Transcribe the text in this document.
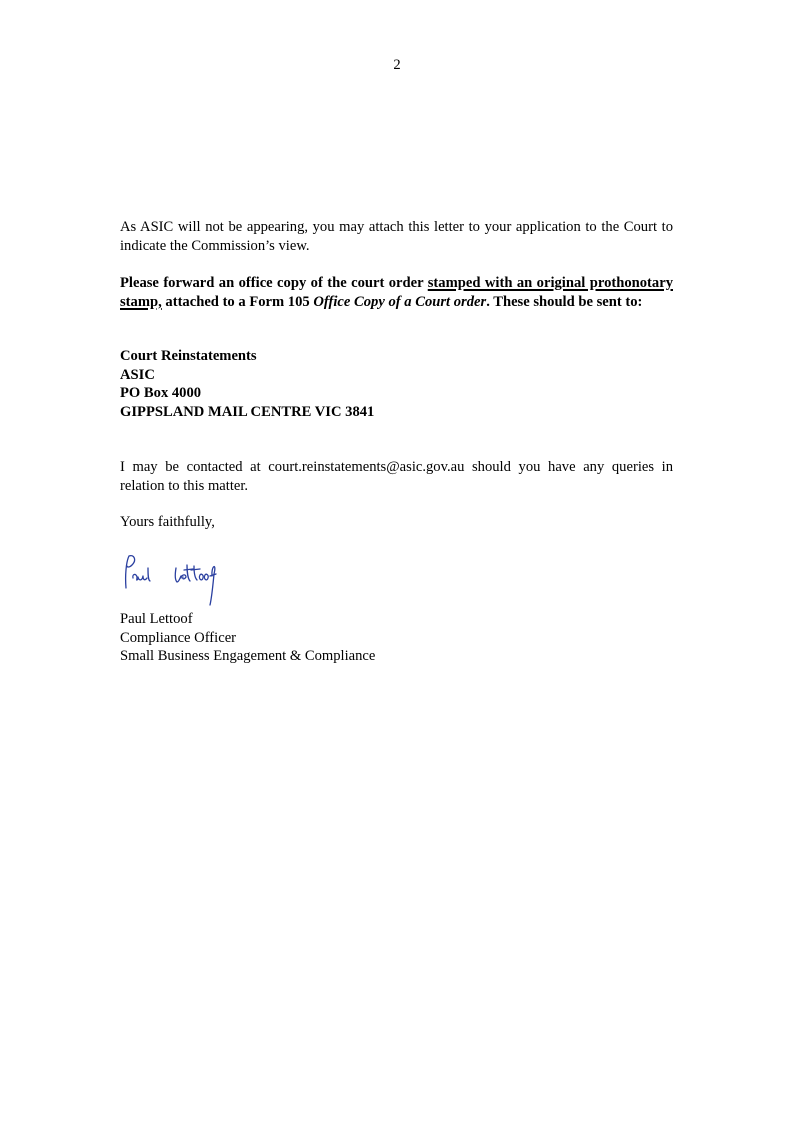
2

As ASIC will not be appearing, you may attach this letter to your application to the Court to indicate the Commission’s view.

Please forward an office copy of the court order stamped with an original prothonotary stamp, attached to a Form 105 Office Copy of a Court order. These should be sent to:

Court Reinstatements
ASIC
PO Box 4000
GIPPSLAND MAIL CENTRE VIC 3841

I may be contacted at court.reinstatements@asic.gov.au should you have any queries in relation to this matter.

Yours faithfully,

Paul Lettoof
Compliance Officer
Small Business Engagement & Compliance
